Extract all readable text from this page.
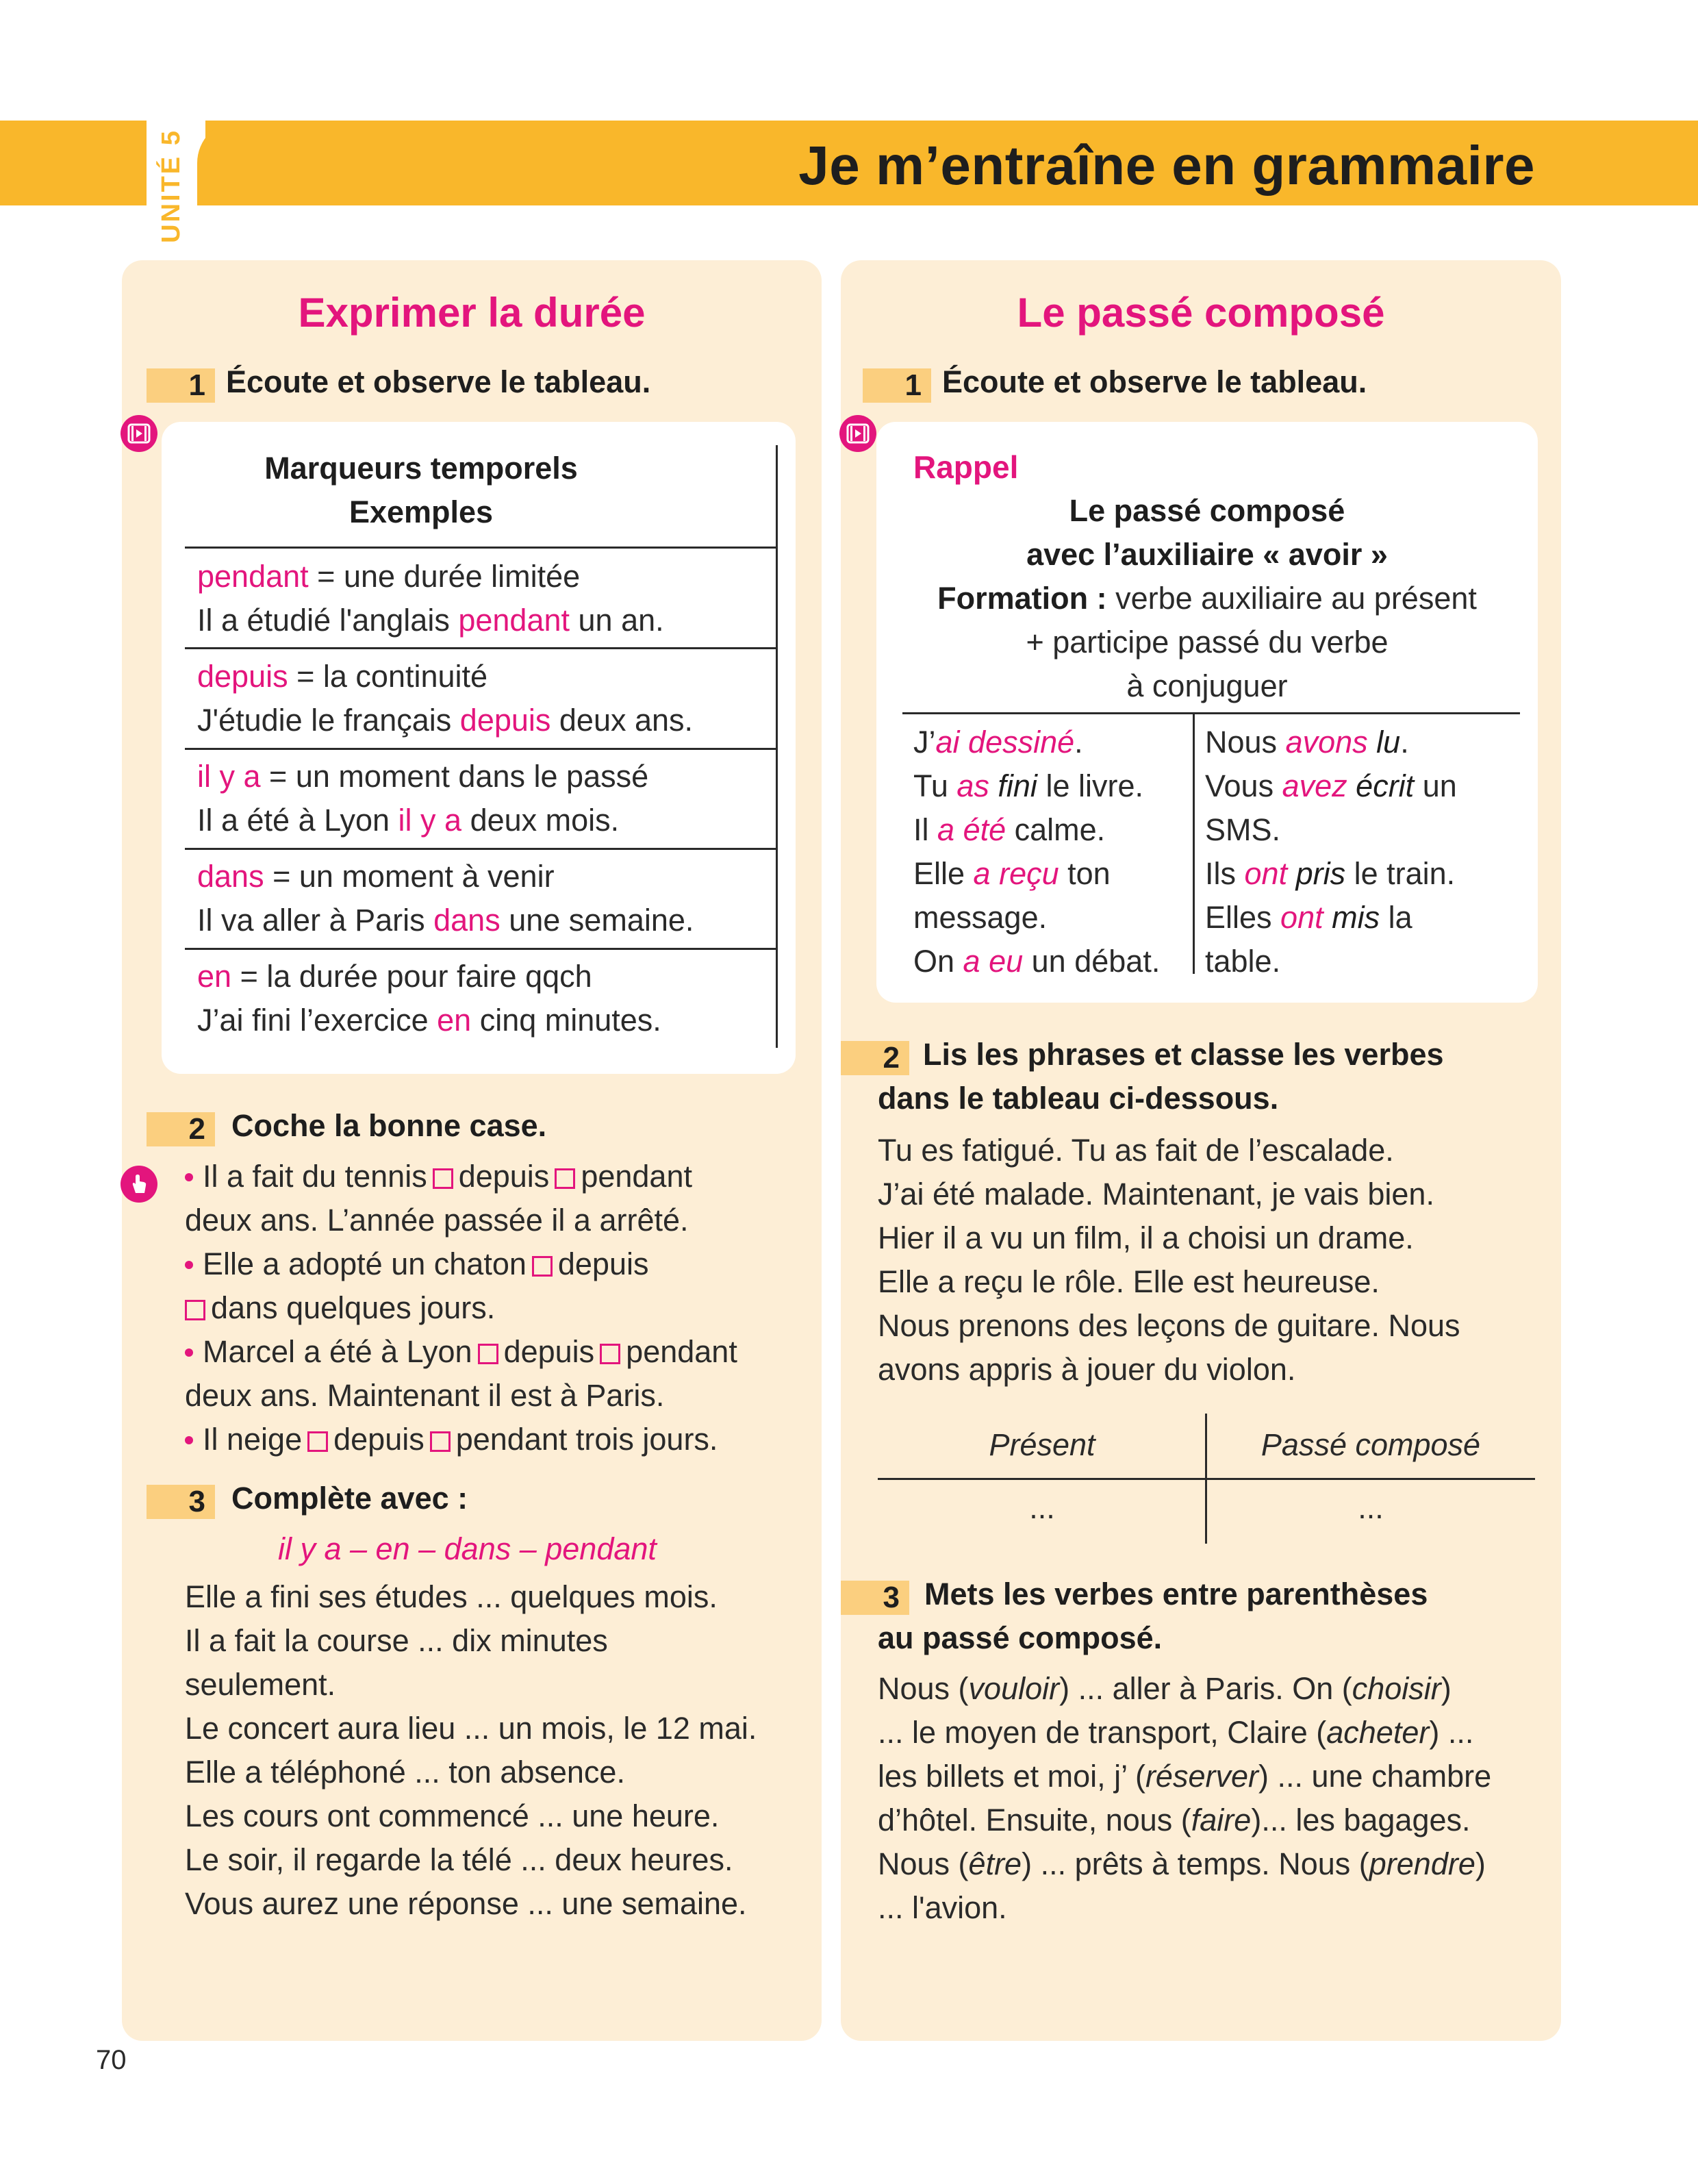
Je m’entraîne en grammaire
UNITÉ 5
Exprimer la durée
1 Écoute et observe le tableau.
Marqueurs temporels
Exemples
pendant = une durée limitée
Il a étudié l'anglais pendant un an.
depuis = la continuité
J'étudie le français depuis deux ans.
il y a = un moment dans le passé
Il a été à Lyon il y a deux mois.
dans = un moment à venir
Il va aller à Paris dans une semaine.
en = la durée pour faire qqch
J’ai fini l’exercice en cinq minutes.
2 Coche la bonne case.
Il a fait du tennis depuis pendant
deux ans. L’année passée il a arrêté.
Elle a adopté un chaton depuis
dans quelques jours.
Marcel a été à Lyon depuis pendant
deux ans. Maintenant il est à Paris.
Il neige depuis pendant trois jours.
3 Complète avec :
il y a – en – dans – pendant
Elle a fini ses études ... quelques mois.
Il a fait la course ... dix minutes
seulement.
Le concert aura lieu ... un mois, le 12 mai.
Elle a téléphoné ... ton absence.
Les cours ont commencé ... une heure.
Le soir, il regarde la télé ... deux heures.
Vous aurez une réponse ... une semaine.
Le passé composé
1 Écoute et observe le tableau.
Rappel
Le passé composé
avec l’auxiliaire « avoir »
Formation : verbe auxiliaire au présent
+ participe passé du verbe
à conjuguer
J’ai dessiné.
Tu as fini le livre.
Il a été calme.
Elle a reçu ton
message.
On a eu un débat.
Nous avons lu.
Vous avez écrit un
SMS.
Ils ont pris le train.
Elles ont mis la
table.
2 Lis les phrases et classe les verbes
dans le tableau ci-dessous.
Tu es fatigué. Tu as fait de l’escalade.
J’ai été malade. Maintenant, je vais bien.
Hier il a vu un film, il a choisi un drame.
Elle a reçu le rôle. Elle est heureuse.
Nous prenons des leçons de guitare. Nous
avons appris à jouer du violon.
Présent	Passé composé
...	...
3 Mets les verbes entre parenthèses
au passé composé.
Nous (vouloir) ... aller à Paris. On (choisir)
... le moyen de transport, Claire (acheter) ...
les billets et moi, j’ (réserver) ... une chambre
d’hôtel. Ensuite, nous (faire)... les bagages.
Nous (être) ... prêts à temps. Nous (prendre)
... l'avion.
70
